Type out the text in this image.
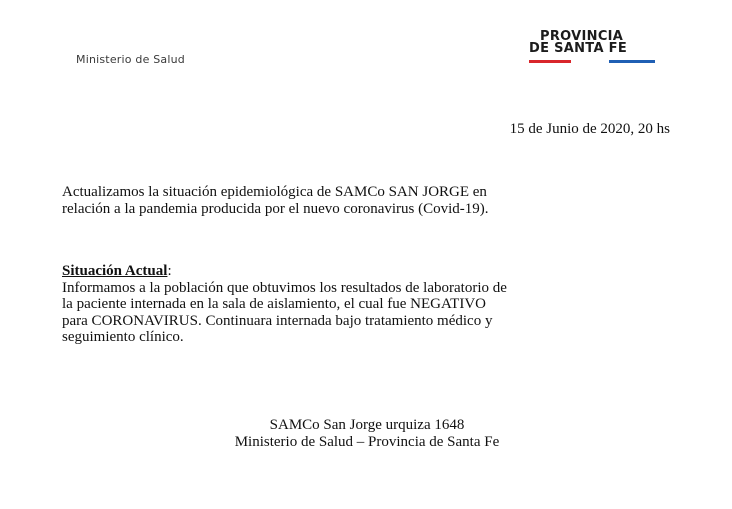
Ministerio de Salud
PROVINCIA
DE SANTA FE
15 de Junio de 2020, 20 hs
Actualizamos la situación epidemiológica de SAMCo SAN JORGE en
relación a la pandemia producida por el nuevo coronavirus (Covid-19).
Situación Actual:
Informamos a la población que obtuvimos los resultados de laboratorio de
la paciente internada en la sala de aislamiento, el cual fue NEGATIVO
para CORONAVIRUS. Continuara internada bajo tratamiento médico y
seguimiento clínico.
SAMCo San Jorge urquiza 1648
Ministerio de Salud – Provincia de Santa Fe
